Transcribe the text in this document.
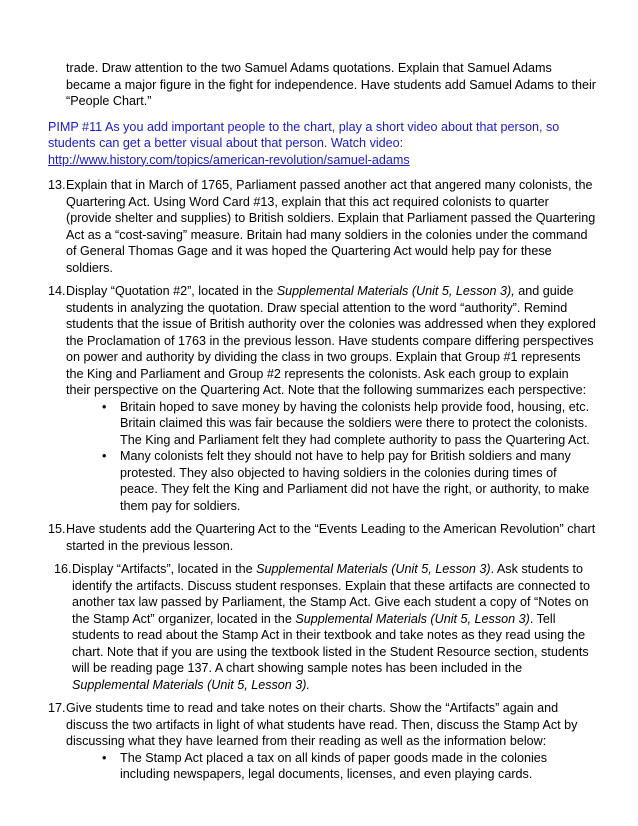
trade. Draw attention to the two Samuel Adams quotations. Explain that Samuel Adams became a major figure in the fight for independence. Have students add Samuel Adams to their “People Chart.”

PIMP #11 As you add important people to the chart, play a short video about that person, so students can get a better visual about that person. Watch video:
http://www.history.com/topics/american-revolution/samuel-adams
13. Explain that in March of 1765, Parliament passed another act that angered many colonists, the Quartering Act. Using Word Card #13, explain that this act required colonists to quarter (provide shelter and supplies) to British soldiers. Explain that Parliament passed the Quartering Act as a “cost-saving” measure. Britain had many soldiers in the colonies under the command of General Thomas Gage and it was hoped the Quartering Act would help pay for these soldiers.
14. Display “Quotation #2”, located in the Supplemental Materials (Unit 5, Lesson 3), and guide students in analyzing the quotation. Draw special attention to the word “authority”. Remind students that the issue of British authority over the colonies was addressed when they explored the Proclamation of 1763 in the previous lesson. Have students compare differing perspectives on power and authority by dividing the class in two groups. Explain that Group #1 represents the King and Parliament and Group #2 represents the colonists. Ask each group to explain their perspective on the Quartering Act. Note that the following summarizes each perspective:
• Britain hoped to save money by having the colonists help provide food, housing, etc. Britain claimed this was fair because the soldiers were there to protect the colonists. The King and Parliament felt they had complete authority to pass the Quartering Act.
• Many colonists felt they should not have to help pay for British soldiers and many protested. They also objected to having soldiers in the colonies during times of peace. They felt the King and Parliament did not have the right, or authority, to make them pay for soldiers.
15. Have students add the Quartering Act to the “Events Leading to the American Revolution” chart started in the previous lesson.
16. Display “Artifacts”, located in the Supplemental Materials (Unit 5, Lesson 3). Ask students to identify the artifacts. Discuss student responses. Explain that these artifacts are connected to another tax law passed by Parliament, the Stamp Act. Give each student a copy of “Notes on the Stamp Act” organizer, located in the Supplemental Materials (Unit 5, Lesson 3). Tell students to read about the Stamp Act in their textbook and take notes as they read using the chart. Note that if you are using the textbook listed in the Student Resource section, students will be reading page 137. A chart showing sample notes has been included in the Supplemental Materials (Unit 5, Lesson 3).
17. Give students time to read and take notes on their charts. Show the “Artifacts” again and discuss the two artifacts in light of what students have read. Then, discuss the Stamp Act by discussing what they have learned from their reading as well as the information below:
• The Stamp Act placed a tax on all kinds of paper goods made in the colonies including newspapers, legal documents, licenses, and even playing cards.
